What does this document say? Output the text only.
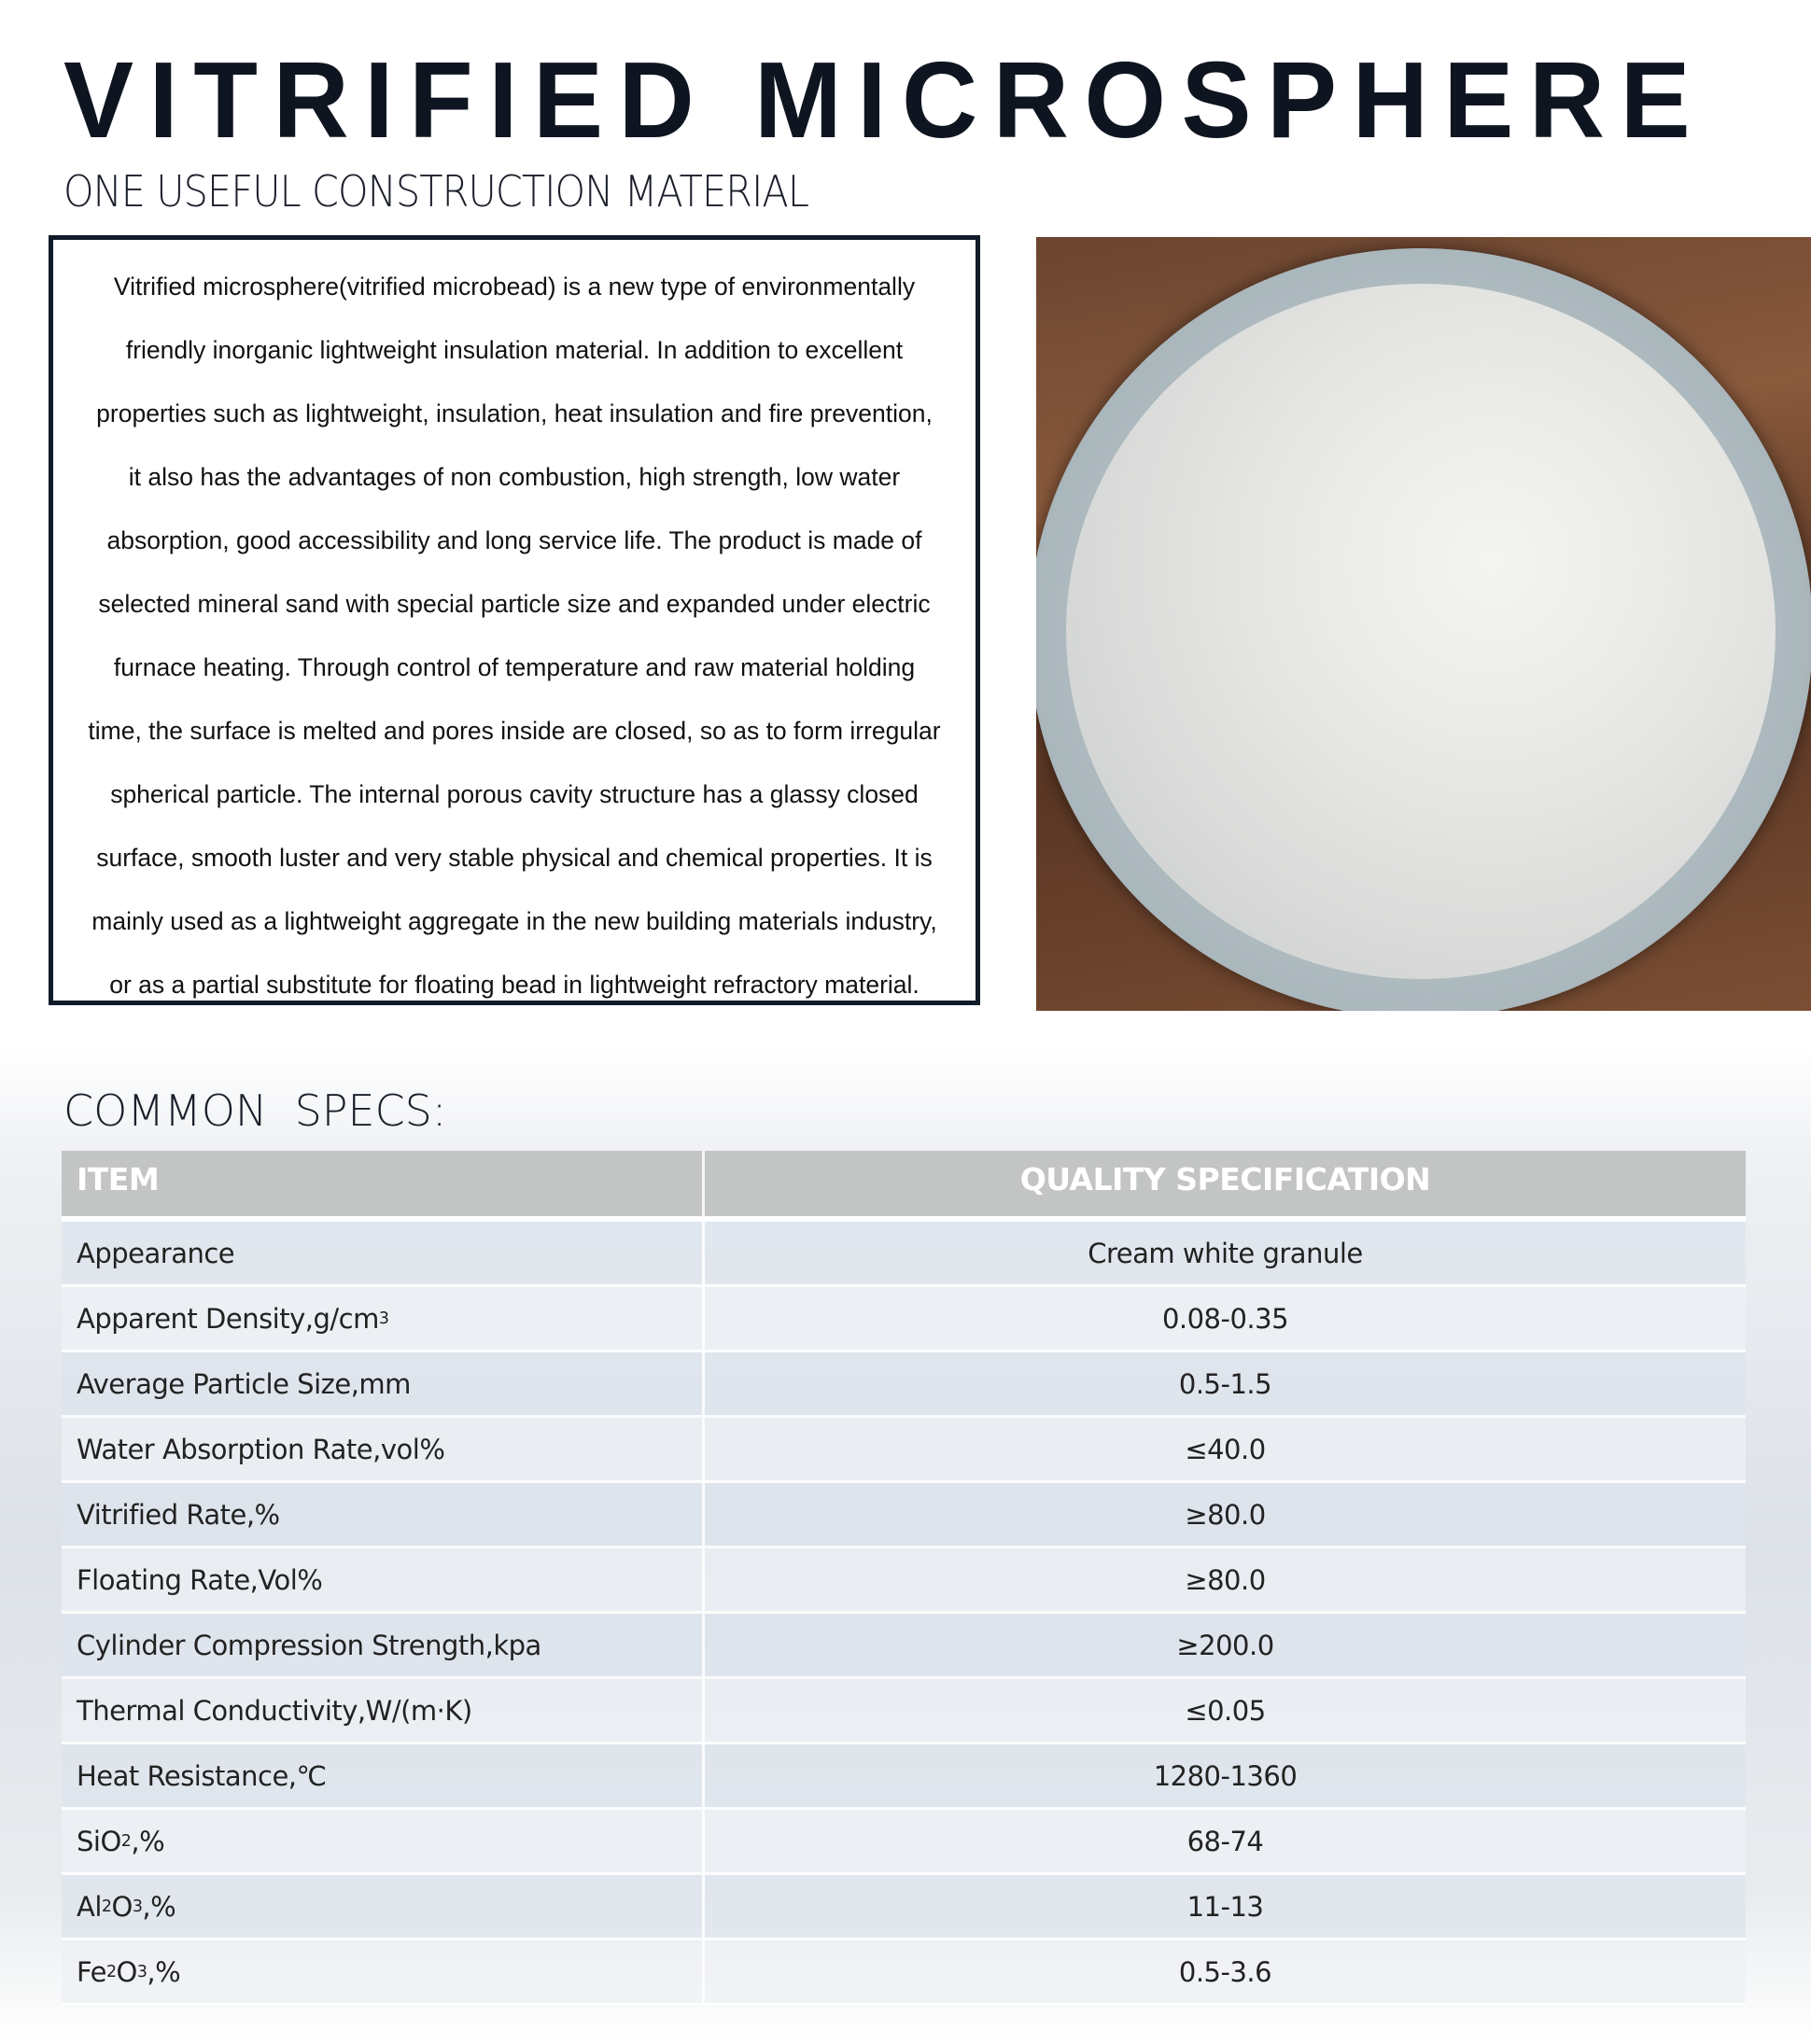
VITRIFIED MICROSPHERE
ONE USEFUL CONSTRUCTION MATERIAL

Vitrified microsphere(vitrified microbead) is a new type of environmentally

friendly inorganic lightweight insulation material. In addition to excellent

properties such as lightweight, insulation, heat insulation and fire prevention,

it also has the advantages of non combustion, high strength, low water

absorption, good accessibility and long service life. The product is made of

selected mineral sand with special particle size and expanded under electric

furnace heating. Through control of temperature and raw material holding

time, the surface is melted and pores inside are closed, so as to form irregular

spherical particle. The internal porous cavity structure has a glassy closed

surface, smooth luster and very stable physical and chemical properties. It is

mainly used as a lightweight aggregate in the new building materials industry,

or as a partial substitute for floating bead in lightweight refractory material.

COMMON  SPECS:
ITEM	QUALITY SPECIFICATION
Appearance	Cream white granule
Apparent Density,g/cm 3	0.08-0.35
Average Particle Size,mm	0.5-1.5
Water Absorption Rate,vol%	≤40.0
Vitrified Rate,%	≥80.0
Floating Rate,Vol%	≥80.0
Cylinder Compression Strength,kpa	≥200.0
Thermal Conductivity,W/(m·K)	≤0.05
Heat Resistance,℃	1280-1360
SiO 2 ,%	68-74
Al 2 O 3 ,%	11-13
Fe 2 O 3 ,%	0.5-3.6
